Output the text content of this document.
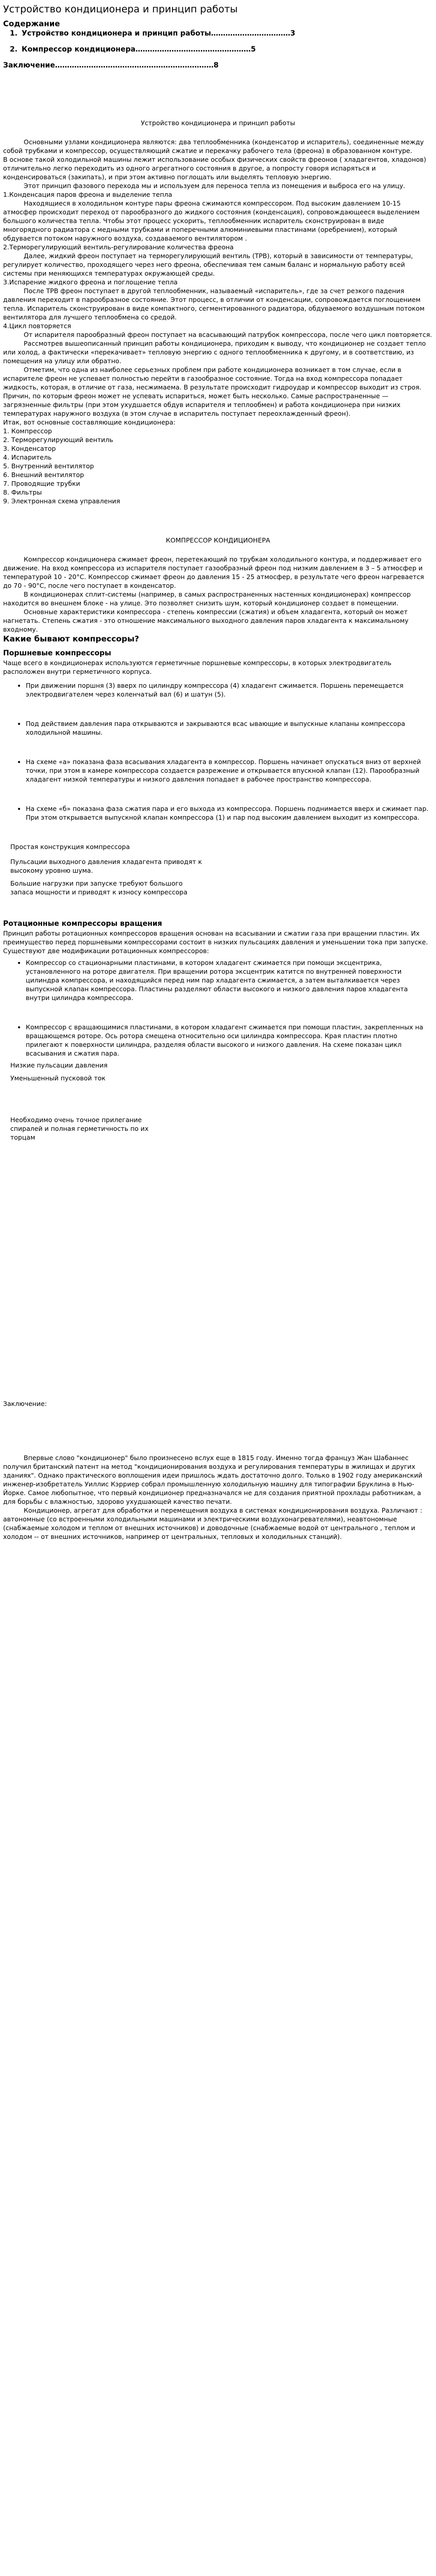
Устройство кондиционера и принцип работы

Содержание

1. Устройство кондиционера и принцип работы……………………………3

2. Компрессор кондиционера…………………………………………5

Заключение…………………………………………………………8

Устройство кондиционера и принцип работы

Основными узлами кондиционера являются: два теплообменника (конденсатор и испаритель), соединенные между собой трубками и компрессор, осуществляющий сжатие и перекачку рабочего тела (фреона) в образованном контуре.

В основе такой холодильной машины лежит использование особых физических свойств фреонов ( хладагентов, хладонов) отличительно легко переходить из одного агрегатного состояния в другое, а попросту говоря испаряться и конденсироваться (закипать), и при этом активно поглощать или выделять тепловую энергию.

Этот принцип фазового перехода мы и используем для переноса тепла из помещения и выброса его на улицу.

1.Конденсация паров фреона и выделение тепла

Находящиеся в холодильном контуре пары фреона сжимаются компрессором. Под высоким давлением 10-15 атмосфер происходит переход от парообразного до жидкого состояния (конденсация), сопровождающееся выделением большого количества тепла. Чтобы этот процесс ускорить, теплообменник испаритель сконструирован в виде многорядного радиатора с медными трубками и поперечными алюминиевыми пластинами (оребрением), который обдувается потоком наружного воздуха, создаваемого вентилятором .

2.Терморегулирующий вентиль-регулирование количества фреона

Далее, жидкий фреон поступает на терморегулирующий вентиль (ТРВ), который в зависимости от температуры, регулирует количество, проходящего через него фреона, обеспечивая тем самым баланс и нормальную работу всей системы при меняющихся температурах окружающей среды.

3.Испарение жидкого фреона и поглощение тепла

После ТРВ фреон поступает в другой теплообменник, называемый «испаритель», где за счет резкого падения давления переходит в парообразное состояние. Этот процесс, в отличии от конденсации, сопровождается поглощением тепла. Испаритель сконструирован в виде компактного, сегментированного радиатора, обдуваемого воздушным потоком вентилятора для лучшего теплообмена со средой.

4.Цикл повторяется

От испарителя парообразный фреон поступает на всасывающий патрубок компрессора, после чего цикл повторяется.

Рассмотрев вышеописанный принцип работы кондиционера, приходим к выводу, что кондиционер не создает тепло или холод, а фактически «перекачивает» тепловую энергию с одного теплообменника к другому, и в соответствию, из помещения на улицу или обратно.

Отметим, что одна из наиболее серьезных проблем при работе кондиционера возникает в том случае, если в испарителе фреон не успевает полностью перейти в газообразное состояние. Тогда на вход компрессора попадает жидкость, которая, в отличие от газа, несжимаема. В результате происходит гидроудар и компрессор выходит из строя. Причин, по которым фреон может не успевать испариться, может быть несколько. Самые распространенные — загрязненные фильтры (при этом ухудшается обдув испарителя и теплообмен) и работа кондиционера при низких температурах наружного воздуха (в этом случае в испаритель поступает переохлажденный фреон).

Итак, вот основные составляющие кондиционера:

1. Компрессор

2. Терморегулирующий вентиль

3. Конденсатор

4. Испаритель

5. Внутренний вентилятор

6. Внешний вентилятор

7. Проводящие трубки

8. Фильтры

9. Электронная схема управления

КОМПРЕССОР КОНДИЦИОНЕРА

Компрессор кондиционера сжимает фреон, перетекающий по трубкам холодильного контура, и поддерживает его движение. На вход компрессора из испарителя поступает газообразный фреон под низким давлением в 3 – 5 атмосфер и температурой 10 - 20°С. Компрессор сжимает фреон до давления 15 - 25 атмосфер, в результате чего фреон нагревается до 70 - 90°С, после чего поступает в конденсатор.

В кондиционерах сплит-системы (например, в самых распространенных настенных кондиционерах) компрессор находится во внешнем блоке - на улице. Это позволяет снизить шум, который кондиционер создает в помещении.

Основные характеристики компрессора - степень компрессии (сжатия) и объем хладагента, который он может нагнетать. Степень сжатия - это отношение максимального выходного давления паров хладагента к максимальному входному.

Какие бывают компрессоры?

Поршневые компрессоры

Чаще всего в кондиционерах используются герметичные поршневые компрессоры, в которых электродвигатель расположен внутри герметичного корпуса.

• При движении поршня (3) вверх по цилиндру компрессора (4) хладагент сжимается. Поршень перемещается электродвигателем через коленчатый вал (6) и шатун (5).
• Под действием давления пара открываются и закрываются всас ывающие и выпускные клапаны компрессора холодильной машины.
• На схеме «а» показана фаза всасывания хладагента в компрессор. Поршень начинает опускаться вниз от верхней точки, при этом в камере компрессора создается разрежение и открывается впускной клапан (12). Парообразный хладагент низкой температуры и низкого давления попадает в рабочее пространство компрессора.
• На схеме «б» показана фаза сжатия пара и его выхода из компрессора. Поршень поднимается вверх и сжимает пар. При этом открывается выпускной клапан компрессора (1) и пар под высоким давлением выходит из компрессора.

Простая конструкция компрессора

Пульсации выходного давления хладагента приводят к высокому уровню шума.

Большие нагрузки при запуске требуют большого запаса мощности и приводят к износу компрессора

Ротационные компрессоры вращения

Принцип работы ротационных компрессоров вращения основан на всасывании и сжатии газа при вращении пластин. Их преимущество перед поршневыми компрессорами состоит в низких пульсациях давления и уменьшении тока при запуске. Существуют две модификации ротационных компрессоров:

• Компрессор со стационарными пластинами, в котором хладагент сжимается при помощи эксцентрика, установленного на роторе двигателя. При вращении ротора эксцентрик катится по внутренней поверхности цилиндра компрессора, и находящийся перед ним пар хладагента сжимается, а затем выталкивается через выпускной клапан компрессора. Пластины разделяют области высокого и низкого давления паров хладагента внутри цилиндра компрессора.
• Компрессор с вращающимися пластинами, в котором хладагент сжимается при помощи пластин, закрепленных на вращающемся роторе. Ось ротора смещена относительно оси цилиндра компрессора. Края пластин плотно прилегают к поверхности цилиндра, разделяя области высокого и низкого давления. На схеме показан цикл всасывания и сжатия пара.

Низкие пульсации давления

Уменьшенный пусковой ток

Необходимо очень точное прилегание спиралей и полная герметичность по их торцам

Заключение:

Впервые слово "кондиционер" было произнесено вслух еще в 1815 году. Именно тогда француз Жан Шабаннес получил британский патент на метод "кондиционирования воздуха и регулирования температуры в жилищах и других зданиях". Однако практического воплощения идеи пришлось ждать достаточно долго. Только в 1902 году американский инженер-изобретатель Уиллис Кэрриер собрал промышленную холодильную машину для типографии Бруклина в Нью-Йорке. Самое любопытное, что первый кондиционер предназначался не для создания приятной прохлады работникам, а для борьбы с влажностью, здорово ухудшающей качество печати.

Кондиционер, агрегат для обработки и перемещения воздуха в системах кондиционирования воздуха. Различают : автономные (со встроенными холодильными машинами и электрическими воздухонагревателями), неавтономные (снабжаемые холодом и теплом от внешних источников) и доводочные (снабжаемые водой от центрального , теплом и холодом -- от внешних источников, например от центральных, тепловых и холодильных станций).
